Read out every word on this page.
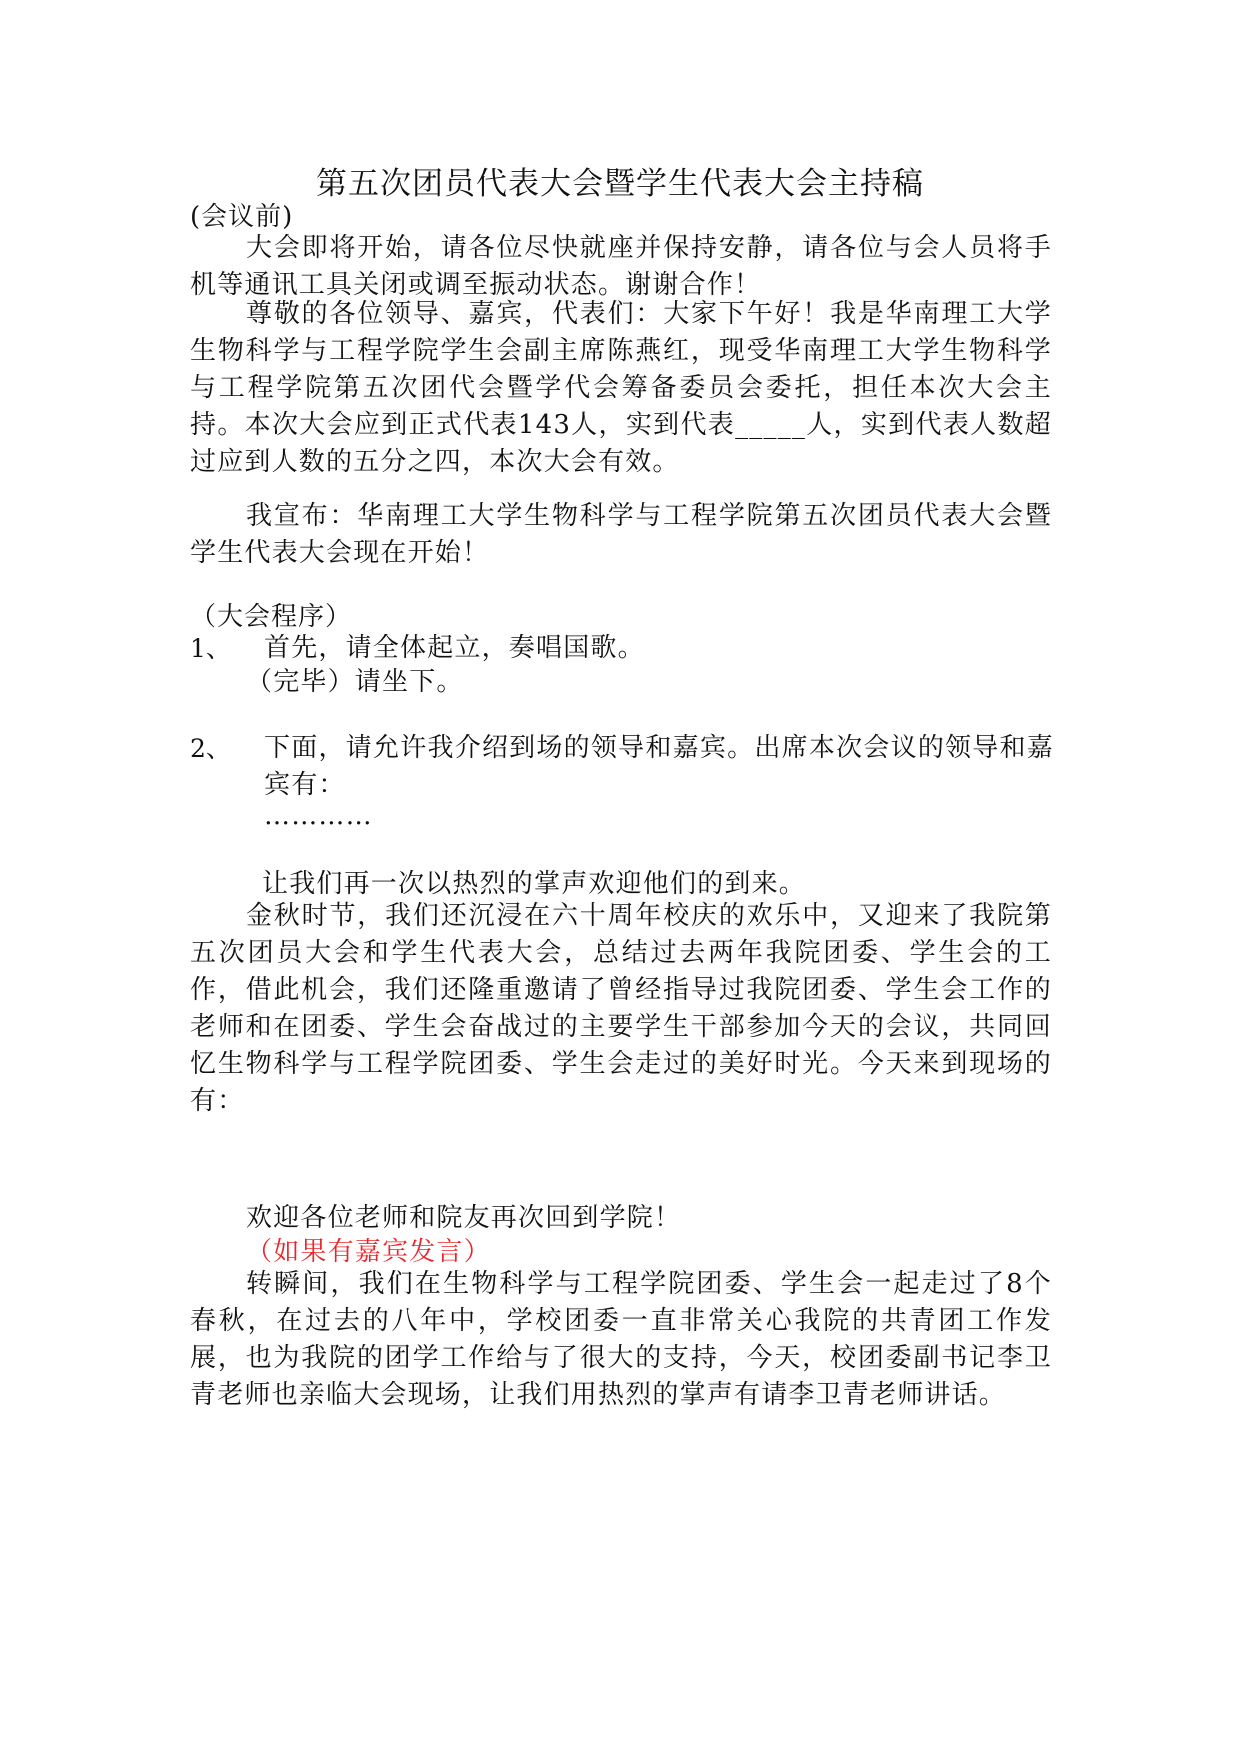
第五次团员代表大会暨学生代表大会主持稿
(会议前)
大会即将开始，请各位尽快就座并保持安静，请各位与会人员将手机等通讯工具关闭或调至振动状态。谢谢合作！
尊敬的各位领导、嘉宾，代表们：大家下午好！我是华南理工大学生物科学与工程学院学生会副主席陈燕红，现受华南理工大学生物科学与工程学院第五次团代会暨学代会筹备委员会委托，担任本次大会主持。本次大会应到正式代表143人，实到代表_____人，实到代表人数超过应到人数的五分之四，本次大会有效。
我宣布：华南理工大学生物科学与工程学院第五次团员代表大会暨学生代表大会现在开始！
（大会程序）
1、 首先，请全体起立，奏唱国歌。
（完毕）请坐下。
2、 下面，请允许我介绍到场的领导和嘉宾。出席本次会议的领导和嘉宾有：
…………
让我们再一次以热烈的掌声欢迎他们的到来。
金秋时节，我们还沉浸在六十周年校庆的欢乐中，又迎来了我院第五次团员大会和学生代表大会，总结过去两年我院团委、学生会的工作，借此机会，我们还隆重邀请了曾经指导过我院团委、学生会工作的老师和在团委、学生会奋战过的主要学生干部参加今天的会议，共同回忆生物科学与工程学院团委、学生会走过的美好时光。今天来到现场的有：
欢迎各位老师和院友再次回到学院！
（如果有嘉宾发言）
转瞬间，我们在生物科学与工程学院团委、学生会一起走过了8个春秋，在过去的八年中，学校团委一直非常关心我院的共青团工作发展，也为我院的团学工作给与了很大的支持，今天，校团委副书记李卫青老师也亲临大会现场，让我们用热烈的掌声有请李卫青老师讲话。
